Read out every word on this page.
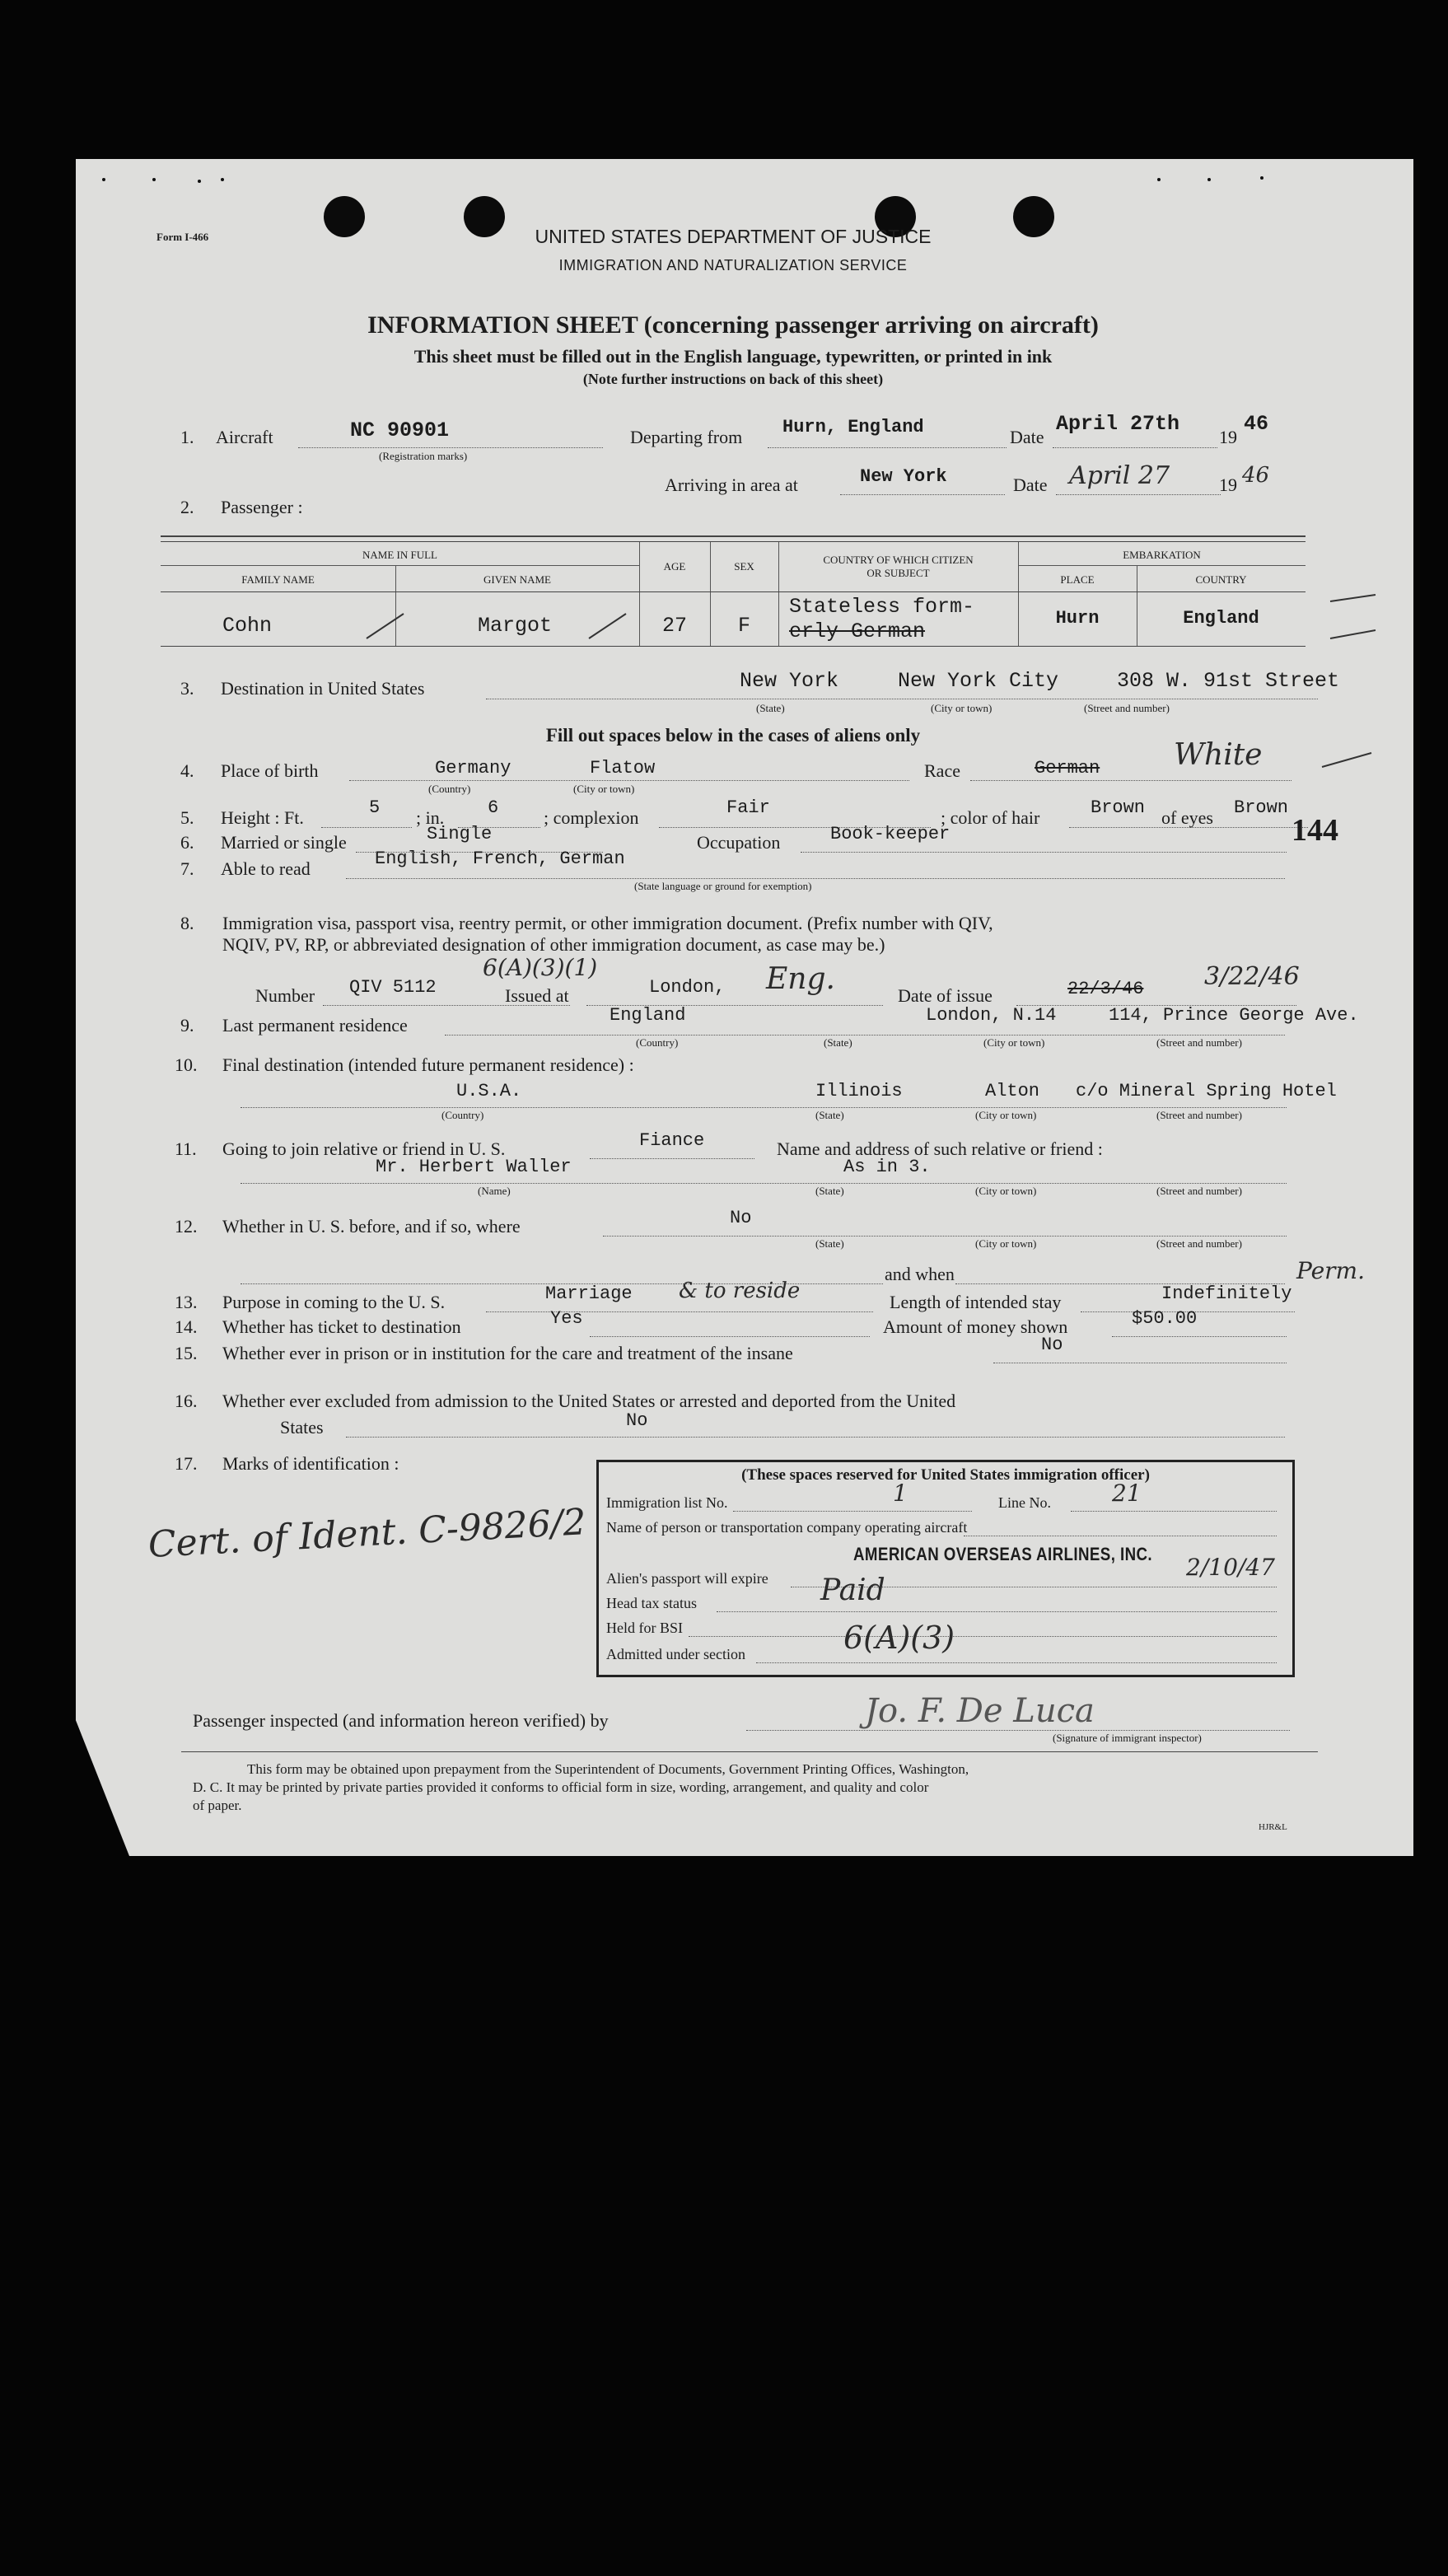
Form I-466	UNITED STATES DEPARTMENT OF JUSTICE
IMMIGRATION AND NATURALIZATION SERVICE
INFORMATION SHEET (concerning passenger arriving on aircraft)
This sheet must be filled out in the English language, typewritten, or printed in ink
(Note further instructions on back of this sheet)
1. Aircraft	NC 90901
(Registration marks)
Departing from Hurn, England	Date
April 27th
19
46
Arriving in area at	New York	Date April 27	19 46
2. Passenger :
NAME IN FULL
FAMILY NAME	GIVEN NAME
AGE	SEX
COUNTRY OF WHICH CITIZEN
OR SUBJECT
EMBARKATION
PLACE	COUNTRY
Cohn	Margot	27	F
Stateless form-
erly German
Hurn	England
3. Destination in United States	New York	New York City	308 W. 91st Street
(State)	(City or town)	(Street and number)
Fill out spaces below in the cases of aliens only
4. Place of birth	Germany	Flatow
(Country)	(City or town)
Race	German White
5. Height : Ft.	5 ; in. 6 ; complexion	Fair	; color of hair	Brown of eyes Brown
6. Married or single	Single	Occupation	Book-keeper	144
7. Able to read	English, French, German
(State language or ground for exemption)
8. Immigration visa, passport visa, reentry permit, or other immigration document. (Prefix number with QIV,
NQIV, PV, RP, or abbreviated designation of other immigration document, as case may be.)
6(A)(3)(1)
Number QIV 5112	Issued at	London, Eng.	Date of issue	22/3/46 3/22/46
9. Last permanent residence	England	London, N.14	114, Prince George Ave.
(Country)	(State)	(City or town)	(Street and number)
10. Final destination (intended future permanent residence) :
U.S.A.	Illinois	Alton c/o Mineral Spring Hotel
(Country)	(State)	(City or town)	(Street and number)
11. Going to join relative or friend in U. S.	Fiance	Name and address of such relative or friend :
Mr. Herbert Waller	As in 3.
(Name)	(State)	(City or town)	(Street and number)
12. Whether in U. S. before, and if so, where	No
(State)	(City or town)	(Street and number)
and when
13. Purpose in coming to the U. S.	Marriage & to reside	Length of intended stay	Indefinitely
Perm.
14. Whether has ticket to destination	Yes	Amount of money shown	$50.00
15. Whether ever in prison or in institution for the care and treatment of the insane	No
16. Whether ever excluded from admission to the United States or arrested and deported from the United
States	No
17. Marks of identification :
Cert. of Ident. C-9826/2
(These spaces reserved for United States immigration officer)
Immigration list No.	1	Line No.	21
Name of person or transportation company operating aircraft
AMERICAN OVERSEAS AIRLINES, INC.
Alien's passport will expire	2/10/47
Head tax status	Paid
Held for BSI
Admitted under section	6(A)(3)
Passenger inspected (and information hereon verified) by	Jo. F. De Luca
(Signature of immigrant inspector)
This form may be obtained upon prepayment from the Superintendent of Documents, Government Printing Offices, Washington,
D. C. It may be printed by private parties provided it conforms to official form in size, wording, arrangement, and quality and color
of paper.
HJR&L
